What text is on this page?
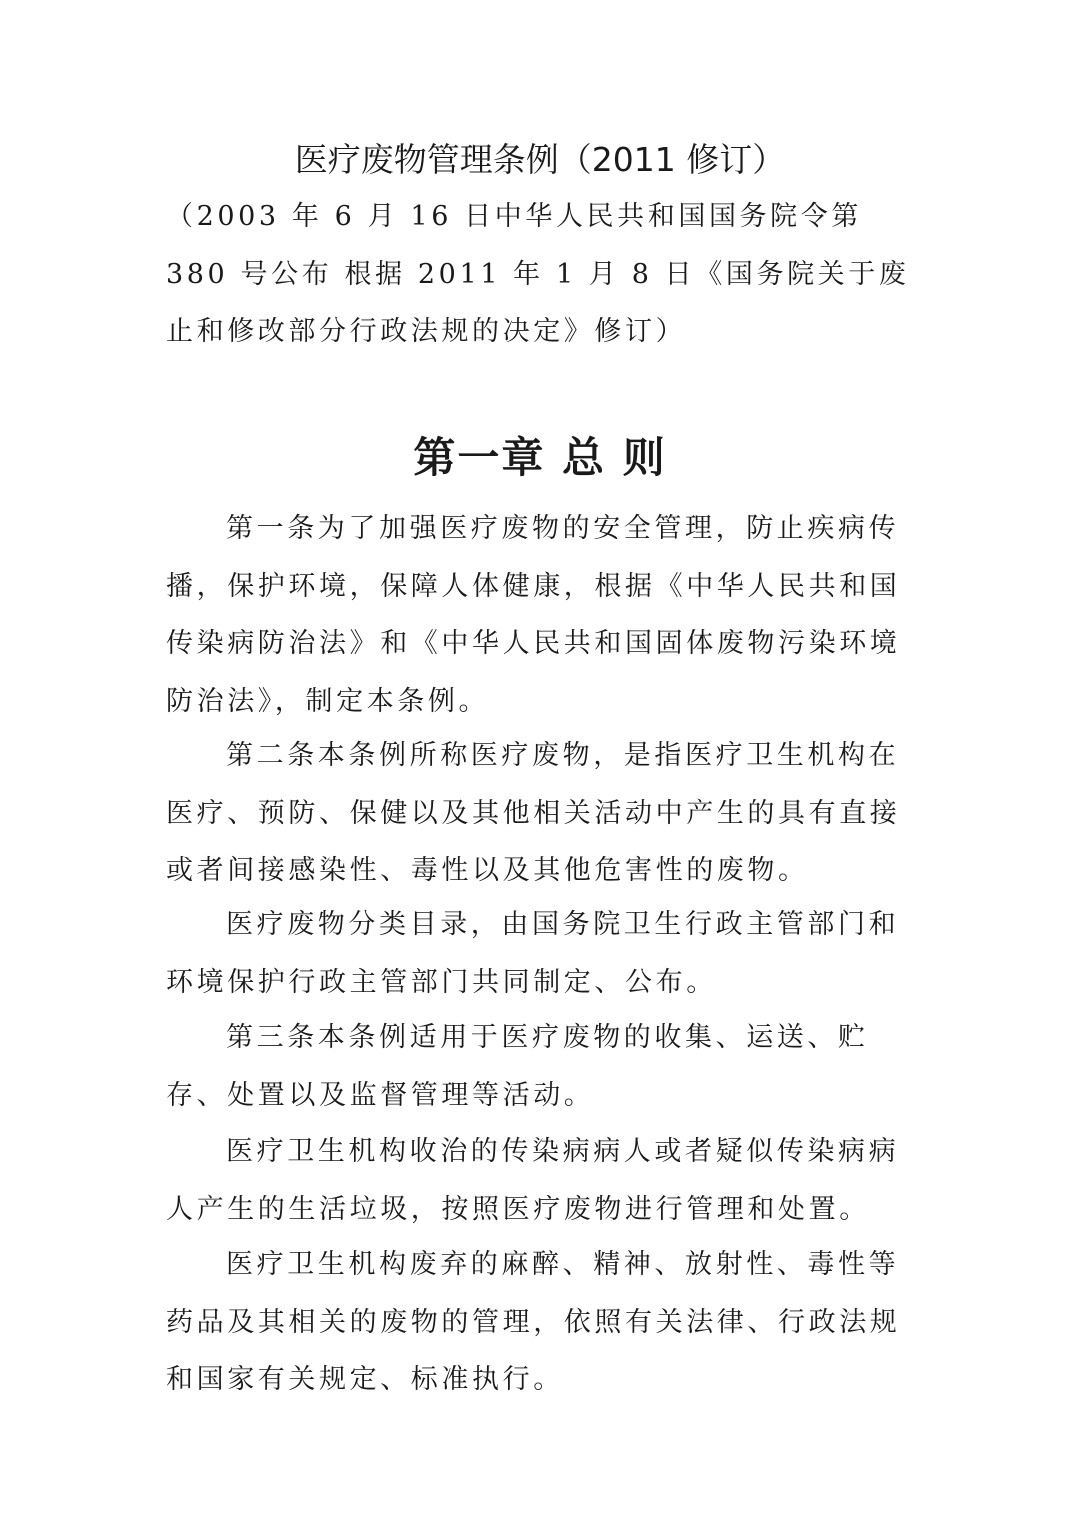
医疗废物管理条例（2011 修订）

（2003 年 6 月 16 日中华人民共和国国务院令第 380 号公布 根据 2011 年 1 月 8 日《国务院关于废止和修改部分行政法规的决定》修订）

第一章 总 则

第一条为了加强医疗废物的安全管理，防止疾病传播，保护环境，保障人体健康，根据《中华人民共和国传染病防治法》和《中华人民共和国固体废物污染环境防治法》，制定本条例。

第二条本条例所称医疗废物，是指医疗卫生机构在医疗、预防、保健以及其他相关活动中产生的具有直接或者间接感染性、毒性以及其他危害性的废物。

医疗废物分类目录，由国务院卫生行政主管部门和环境保护行政主管部门共同制定、公布。

第三条本条例适用于医疗废物的收集、运送、贮存、处置以及监督管理等活动。

医疗卫生机构收治的传染病病人或者疑似传染病病人产生的生活垃圾，按照医疗废物进行管理和处置。

医疗卫生机构废弃的麻醉、精神、放射性、毒性等药品及其相关的废物的管理，依照有关法律、行政法规和国家有关规定、标准执行。
